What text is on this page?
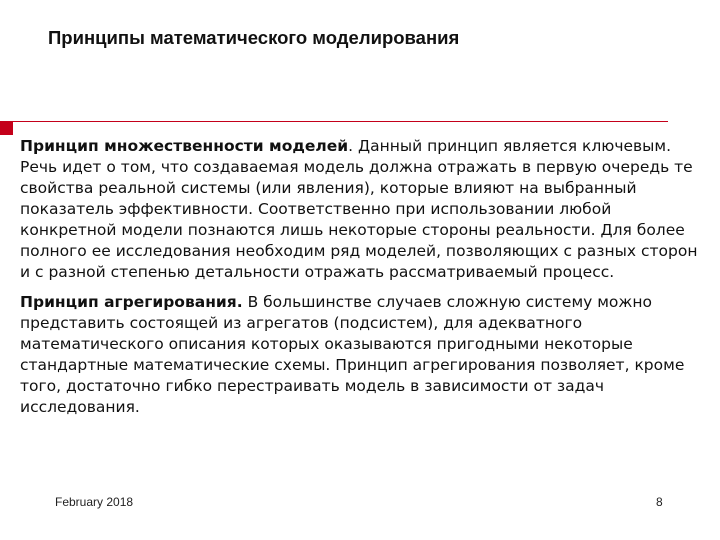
Принципы математического моделирования

Принцип множественности моделей. Данный принцип является ключевым. Речь идет о том, что создаваемая модель должна отражать в первую очередь те свойства реальной системы (или явления), которые влияют на выбранный показатель эффективности. Соответственно при использовании любой конкретной модели познаются лишь некоторые стороны реальности. Для более полного ее исследования необходим ряд моделей, позволяющих с разных сторон и с разной степенью детальности отражать рассматриваемый процесс.

Принцип агрегирования. В большинстве случаев сложную систему можно представить состоящей из агрегатов (подсистем), для адекватного математического описания которых оказываются пригодными некоторые стандартные математические схемы. Принцип агрегирования позволяет, кроме того, достаточно гибко перестраивать модель в зависимости от задач исследования.

February 2018	8
